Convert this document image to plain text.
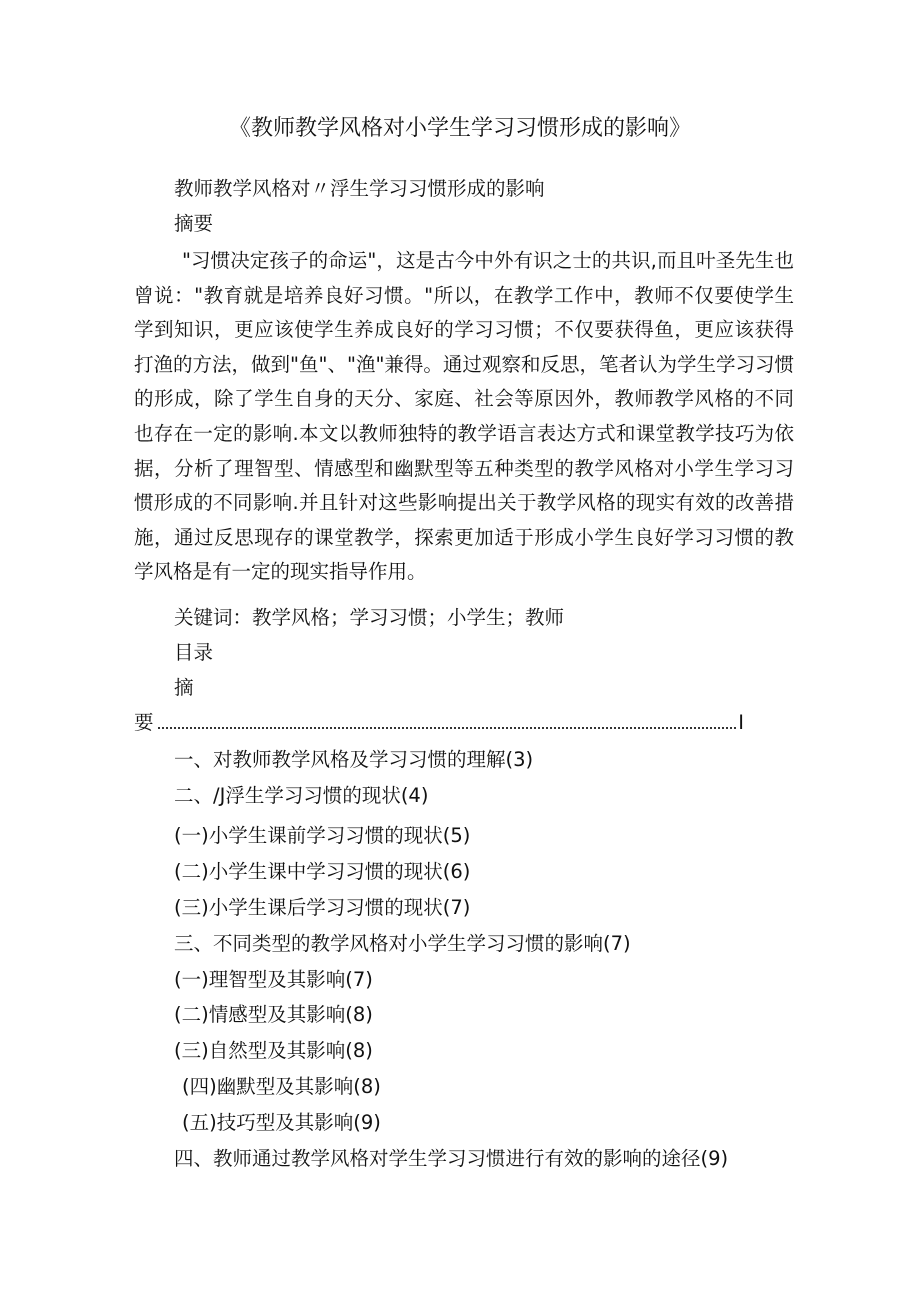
《教师教学风格对小学生学习习惯形成的影响》
教师教学风格对〃浮生学习习惯形成的影响
摘要

"习惯决定孩子的命运"，这是古今中外有识之士的共识,而且叶圣先生也曾说："教育就是培养良好习惯。"所以，在教学工作中，教师不仅要使学生学到知识，更应该使学生养成良好的学习习惯；不仅要获得鱼，更应该获得打渔的方法，做到"鱼"、"渔"兼得。通过观察和反思，笔者认为学生学习习惯的形成，除了学生自身的天分、家庭、社会等原因外，教师教学风格的不同也存在一定的影响.本文以教师独特的教学语言表达方式和课堂教学技巧为依据，分析了理智型、情感型和幽默型等五种类型的教学风格对小学生学习习惯形成的不同影响.并且针对这些影响提出关于教学风格的现实有效的改善措施，通过反思现存的课堂教学，探索更加适于形成小学生良好学习习惯的教学风格是有一定的现实指导作用。

关键词：教学风格；学习习惯；小学生；教师
目录
摘
要	I
一、对教师教学风格及学习习惯的理解(3)
二、/J浮生学习习惯的现状(4)
(一)小学生课前学习习惯的现状(5)
(二)小学生课中学习习惯的现状(6)
(三)小学生课后学习习惯的现状(7)
三、不同类型的教学风格对小学生学习习惯的影响(7)
(一)理智型及其影响(7)
(二)情感型及其影响(8)
(三)自然型及其影响(8)
(四)幽默型及其影响(8)
(五)技巧型及其影响(9)
四、教师通过教学风格对学生学习习惯进行有效的影响的途径(9)
